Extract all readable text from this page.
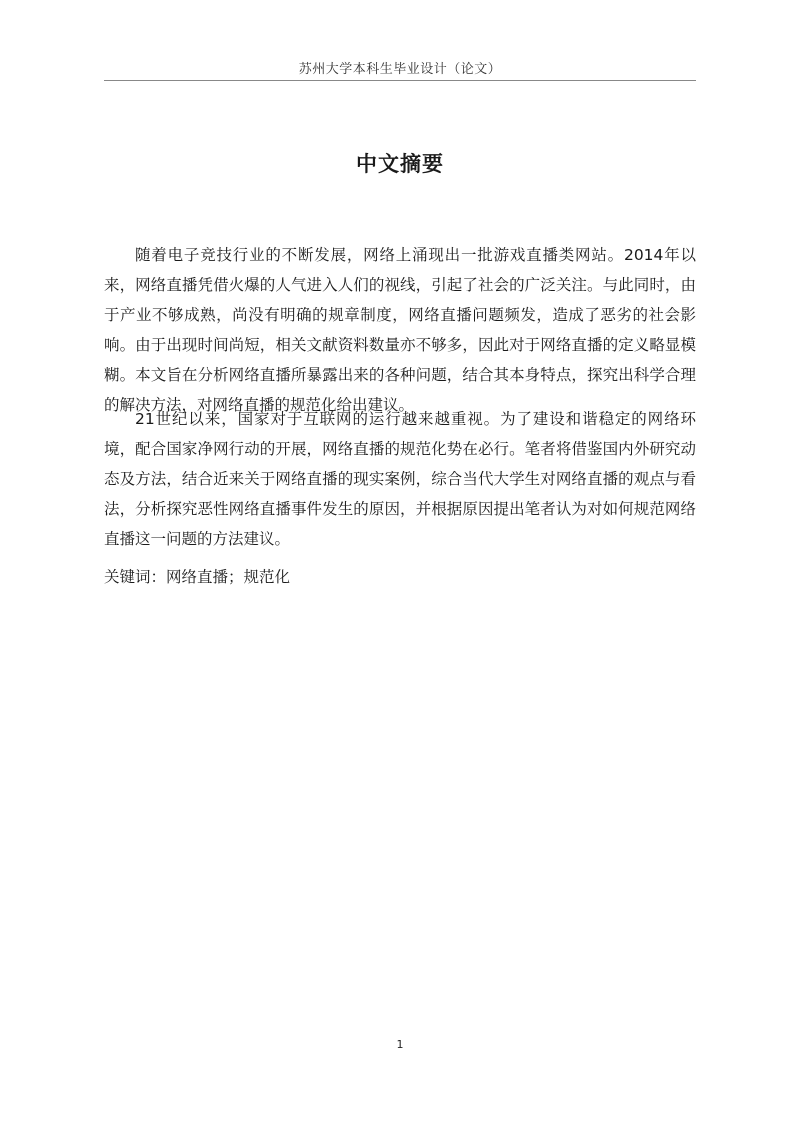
苏州大学本科生毕业设计（论文）
中文摘要

随着电子竞技行业的不断发展，网络上涌现出一批游戏直播类网站。2014年以来，网络直播凭借火爆的人气进入人们的视线，引起了社会的广泛关注。与此同时，由于产业不够成熟，尚没有明确的规章制度，网络直播问题频发，造成了恶劣的社会影响。由于出现时间尚短，相关文献资料数量亦不够多，因此对于网络直播的定义略显模糊。本文旨在分析网络直播所暴露出来的各种问题，结合其本身特点，探究出科学合理的解决方法，对网络直播的规范化给出建议。

21世纪以来，国家对于互联网的运行越来越重视。为了建设和谐稳定的网络环境，配合国家净网行动的开展，网络直播的规范化势在必行。笔者将借鉴国内外研究动态及方法，结合近来关于网络直播的现实案例，综合当代大学生对网络直播的观点与看法，分析探究恶性网络直播事件发生的原因，并根据原因提出笔者认为对如何规范网络直播这一问题的方法建议。

关键词：网络直播；规范化
1
